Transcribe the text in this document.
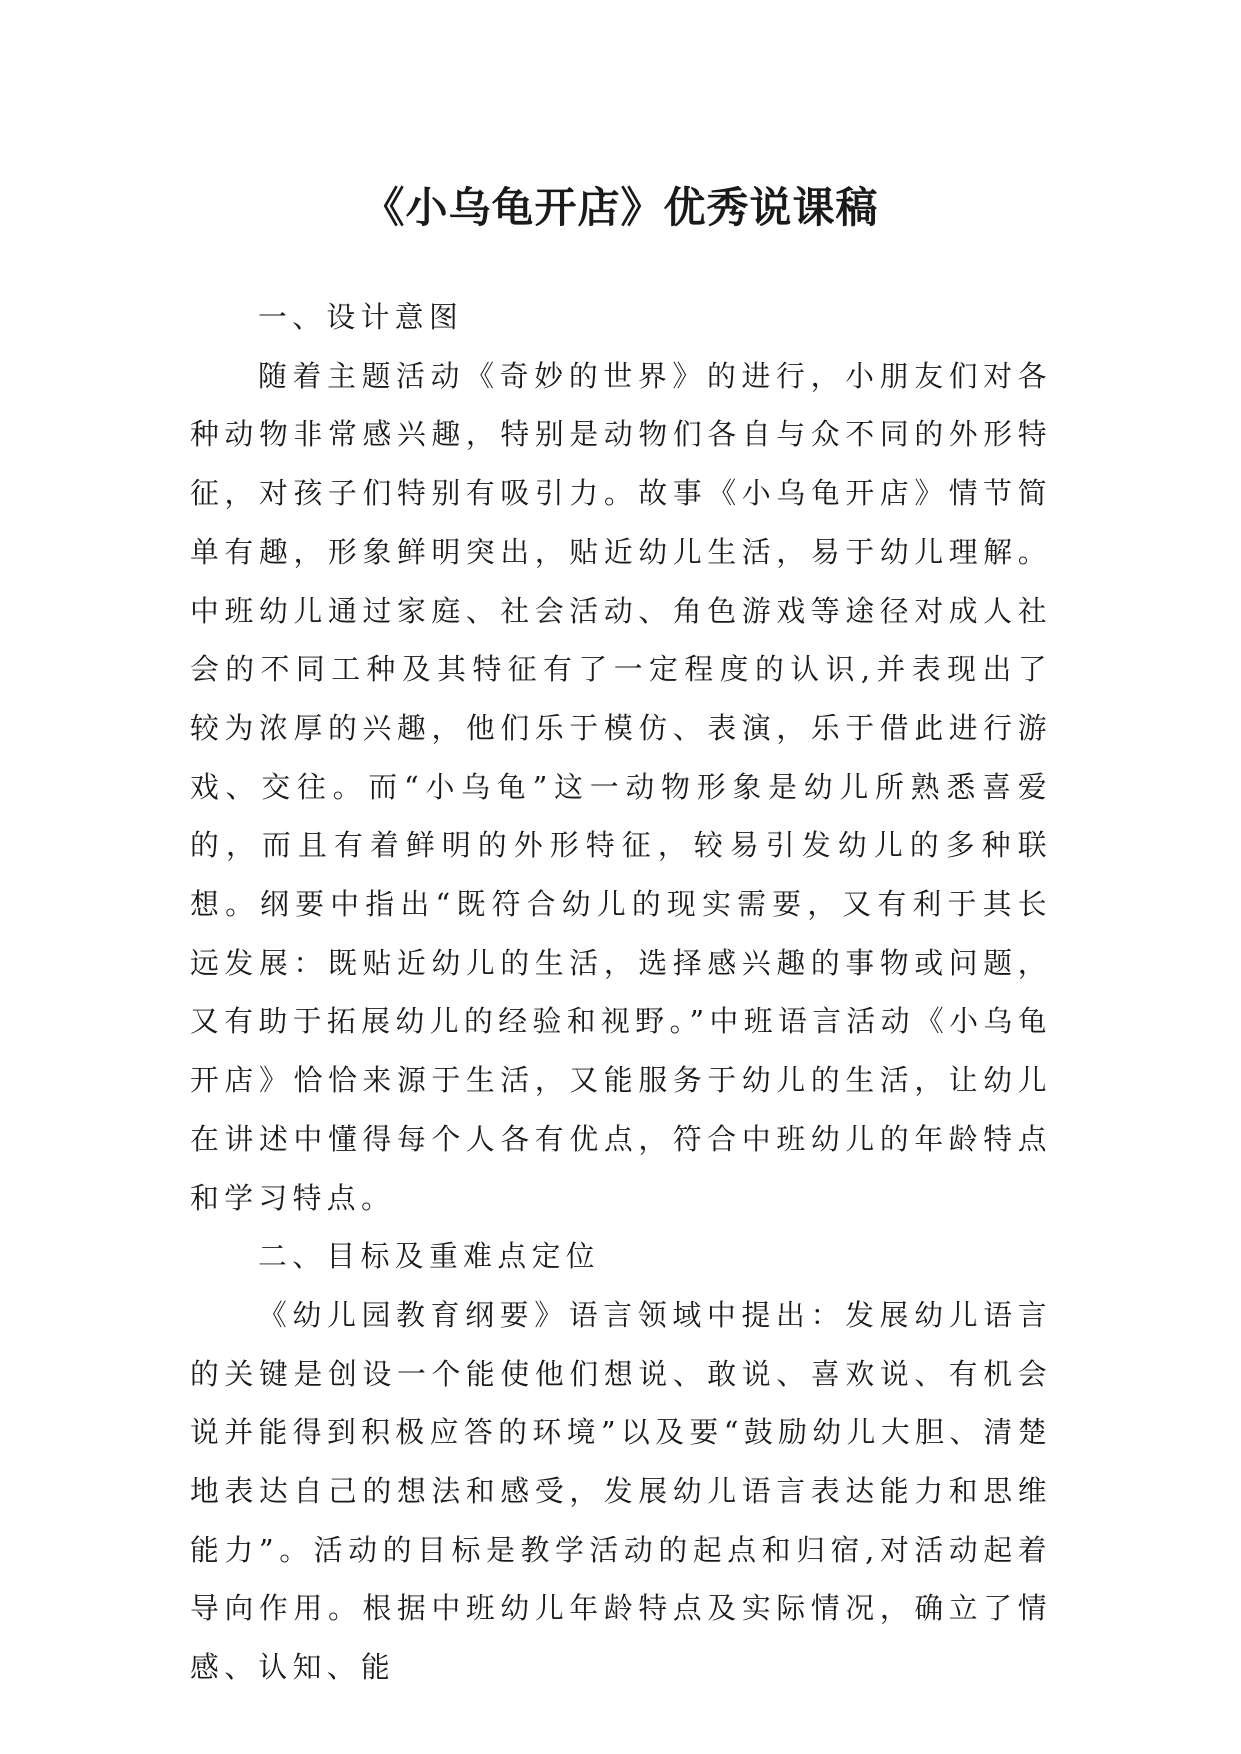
《小乌龟开店》优秀说课稿

一、设计意图

随着主题活动《奇妙的世界》的进行，小朋友们对各种动物非常感兴趣，特别是动物们各自与众不同的外形特征，对孩子们特别有吸引力。故事《小乌龟开店》情节简单有趣，形象鲜明突出，贴近幼儿生活，易于幼儿理解。中班幼儿通过家庭、社会活动、角色游戏等途径对成人社会的不同工种及其特征有了一定程度的认识,并表现出了较为浓厚的兴趣，他们乐于模仿、表演，乐于借此进行游戏、交往。而“小乌龟”这一动物形象是幼儿所熟悉喜爱的，而且有着鲜明的外形特征，较易引发幼儿的多种联想。纲要中指出“既符合幼儿的现实需要，又有利于其长远发展：既贴近幼儿的生活，选择感兴趣的事物或问题，又有助于拓展幼儿的经验和视野。”中班语言活动《小乌龟开店》恰恰来源于生活，又能服务于幼儿的生活，让幼儿在讲述中懂得每个人各有优点，符合中班幼儿的年龄特点和学习特点。

二、目标及重难点定位

《幼儿园教育纲要》语言领域中提出：发展幼儿语言的关键是创设一个能使他们想说、敢说、喜欢说、有机会说并能得到积极应答的环境”以及要“鼓励幼儿大胆、清楚地表达自己的想法和感受，发展幼儿语言表达能力和思维能力”。活动的目标是教学活动的起点和归宿,对活动起着导向作用。根据中班幼儿年龄特点及实际情况，确立了情感、认知、能
